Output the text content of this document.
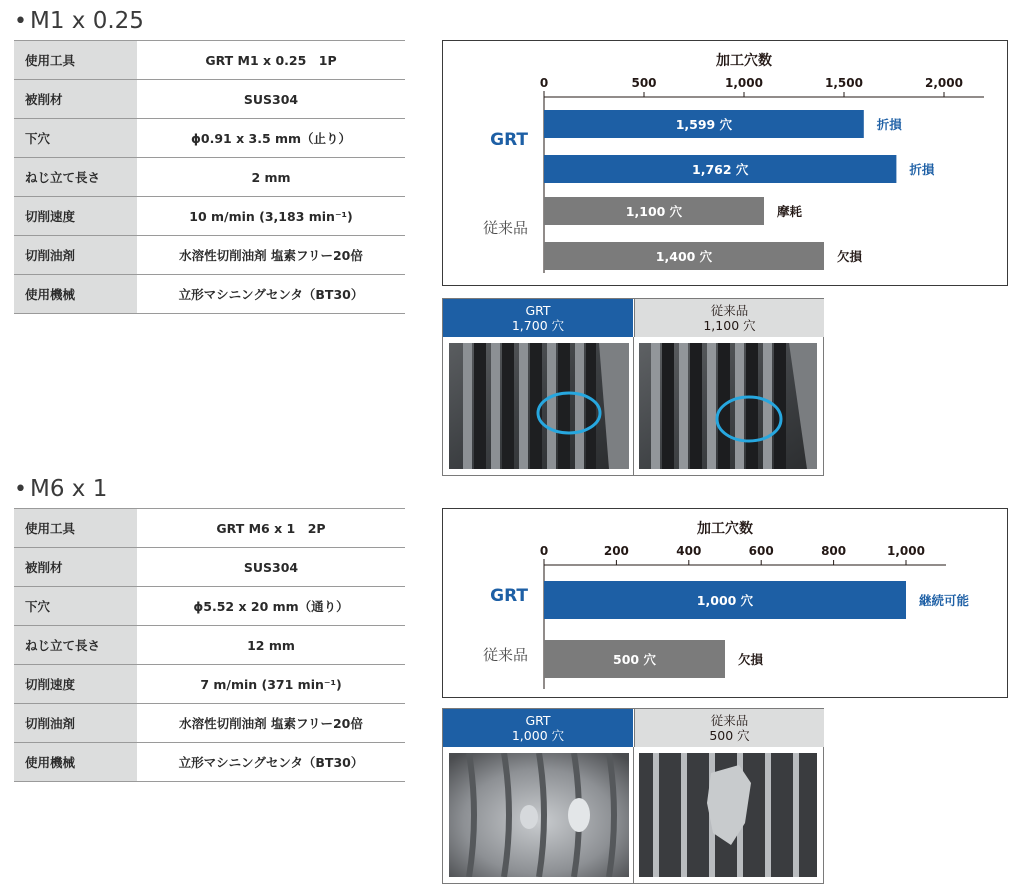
• M1 x 0.25
使用工具	GRT M1 x 0.25　1P
被削材	SUS304
下穴	ϕ0.91 x 3.5 mm（止り）
ねじ立て長さ	2 mm
切削速度	10 m/min (3,183 min⁻¹)
切削油剤	水溶性切削油剤 塩素フリー20倍
使用機械	立形マシニングセンタ（BT30）
加工穴数
0	500	1,000	1,500	2,000
GRT
従来品
1,599 穴	折損
1,762 穴	折損
1,100 穴	摩耗
1,400 穴	欠損
GRT
1,700 穴
従来品
1,100 穴
• M6 x 1
使用工具	GRT M6 x 1　2P
被削材	SUS304
下穴	ϕ5.52 x 20 mm（通り）
ねじ立て長さ	12 mm
切削速度	7 m/min (371 min⁻¹)
切削油剤	水溶性切削油剤 塩素フリー20倍
使用機械	立形マシニングセンタ（BT30）
加工穴数
0	200	400	600	800	1,000
GRT
従来品
1,000 穴	継続可能
500 穴	欠損
GRT
1,000 穴
従来品
500 穴
